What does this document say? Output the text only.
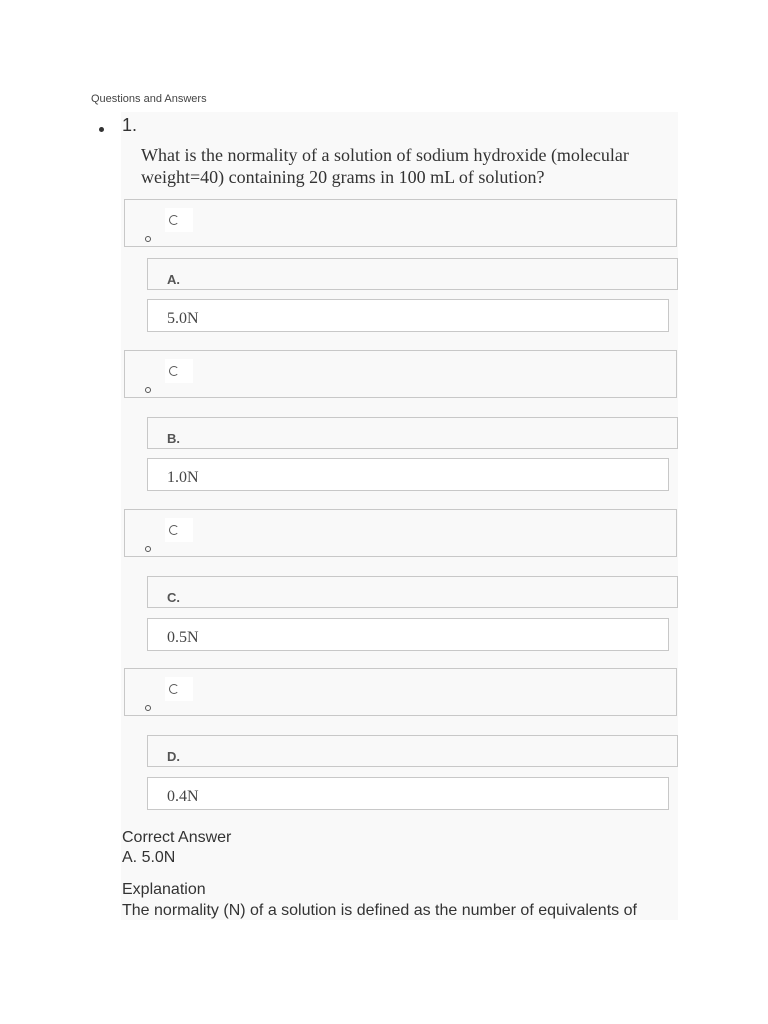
Questions and Answers
1.
What is the normality of a solution of sodium hydroxide (molecular weight=40) containing 20 grams in 100 mL of solution?
A.
5.0N
B.
1.0N
C.
0.5N
D.
0.4N
Correct Answer
A. 5.0N
Explanation
The normality (N) of a solution is defined as the number of equivalents of
